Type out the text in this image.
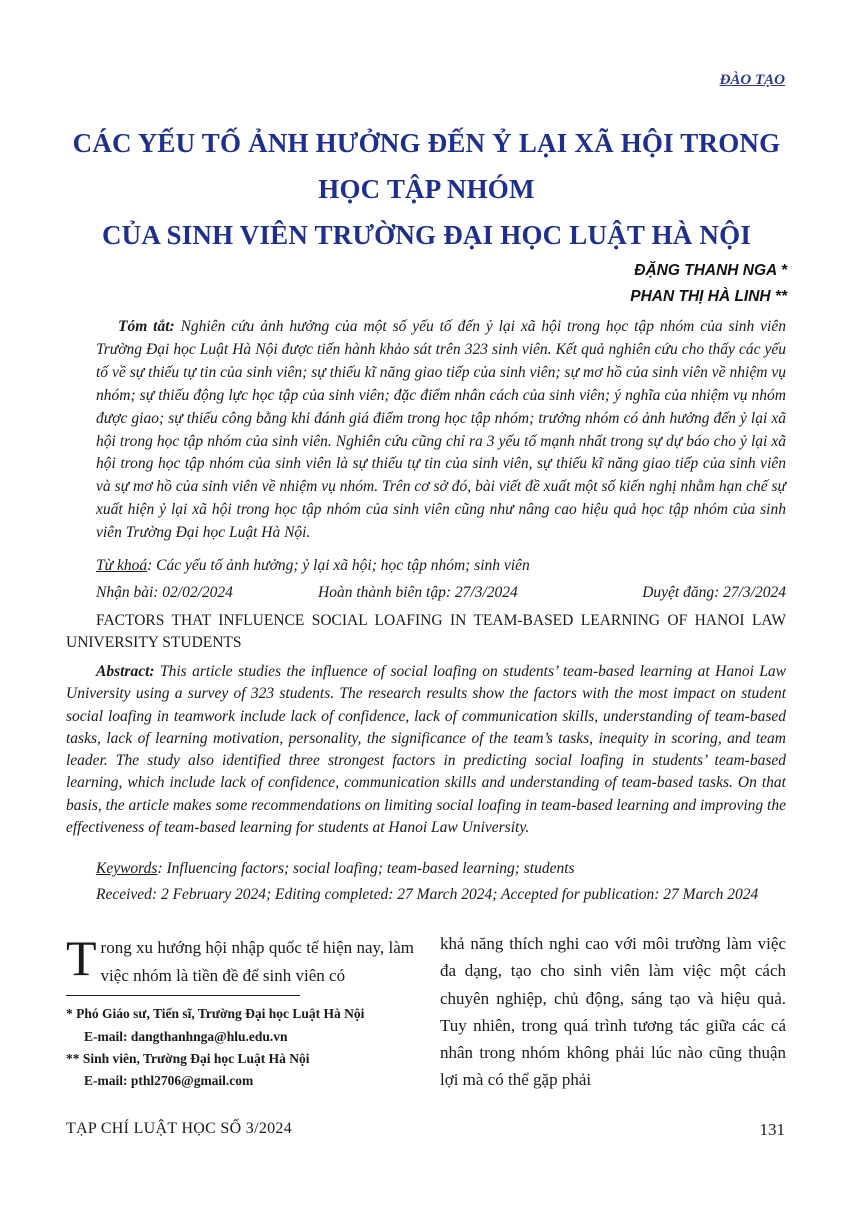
ĐÀO TẠO
CÁC YẾU TỐ ẢNH HƯỞNG ĐẾN Ỷ LẠI XÃ HỘI TRONG HỌC TẬP NHÓM
CỦA SINH VIÊN TRƯỜNG ĐẠI HỌC LUẬT HÀ NỘI
ĐẶNG THANH NGA *
PHAN THỊ HÀ LINH **
Tóm tắt: Nghiên cứu ảnh hưởng của một số yếu tố đến ỷ lại xã hội trong học tập nhóm của sinh viên Trường Đại học Luật Hà Nội được tiến hành khảo sát trên 323 sinh viên. Kết quả nghiên cứu cho thấy các yếu tố về sự thiếu tự tin của sinh viên; sự thiếu kĩ năng giao tiếp của sinh viên; sự mơ hồ của sinh viên về nhiệm vụ nhóm; sự thiếu động lực học tập của sinh viên; đặc điểm nhân cách của sinh viên; ý nghĩa của nhiệm vụ nhóm được giao; sự thiếu công bằng khi đánh giá điểm trong học tập nhóm; trưởng nhóm có ảnh hưởng đến ỷ lại xã hội trong học tập nhóm của sinh viên. Nghiên cứu cũng chỉ ra 3 yếu tố mạnh nhất trong sự dự báo cho ỷ lại xã hội trong học tập nhóm của sinh viên là sự thiếu tự tin của sinh viên, sự thiếu kĩ năng giao tiếp của sinh viên và sự mơ hồ của sinh viên về nhiệm vụ nhóm. Trên cơ sở đó, bài viết đề xuất một số kiến nghị nhằm hạn chế sự xuất hiện ỷ lại xã hội trong học tập nhóm của sinh viên cũng như nâng cao hiệu quả học tập nhóm của sinh viên Trường Đại học Luật Hà Nội.
Từ khoá: Các yếu tố ảnh hưởng; ỷ lại xã hội; học tập nhóm; sinh viên
Nhận bài: 02/02/2024	Hoàn thành biên tập: 27/3/2024	Duyệt đăng: 27/3/2024
FACTORS THAT INFLUENCE SOCIAL LOAFING IN TEAM-BASED LEARNING OF HANOI LAW UNIVERSITY STUDENTS
Abstract: This article studies the influence of social loafing on students’ team-based learning at Hanoi Law University using a survey of 323 students. The research results show the factors with the most impact on student social loafing in teamwork include lack of confidence, lack of communication skills, understanding of team-based tasks, lack of learning motivation, personality, the significance of the team’s tasks, inequity in scoring, and team leader. The study also identified three strongest factors in predicting social loafing in students’ team-based learning, which include lack of confidence, communication skills and understanding of team-based tasks. On that basis, the article makes some recommendations on limiting social loafing in team-based learning and improving the effectiveness of team-based learning for students at Hanoi Law University.
Keywords: Influencing factors; social loafing; team-based learning; students
Received: 2 February 2024; Editing completed: 27 March 2024; Accepted for publication: 27 March 2024
Trong xu hướng hội nhập quốc tế hiện nay, làm việc nhóm là tiền đề để sinh viên có
khả năng thích nghi cao với môi trường làm việc đa dạng, tạo cho sinh viên làm việc một cách chuyên nghiệp, chủ động, sáng tạo và hiệu quả. Tuy nhiên, trong quá trình tương tác giữa các cá nhân trong nhóm không phải lúc nào cũng thuận lợi mà có thể gặp phải
* Phó Giáo sư, Tiến sĩ, Trường Đại học Luật Hà Nội
E-mail: dangthanhnga@hlu.edu.vn
** Sinh viên, Trường Đại học Luật Hà Nội
E-mail: pthl2706@gmail.com
TẠP CHÍ LUẬT HỌC SỐ 3/2024	131
